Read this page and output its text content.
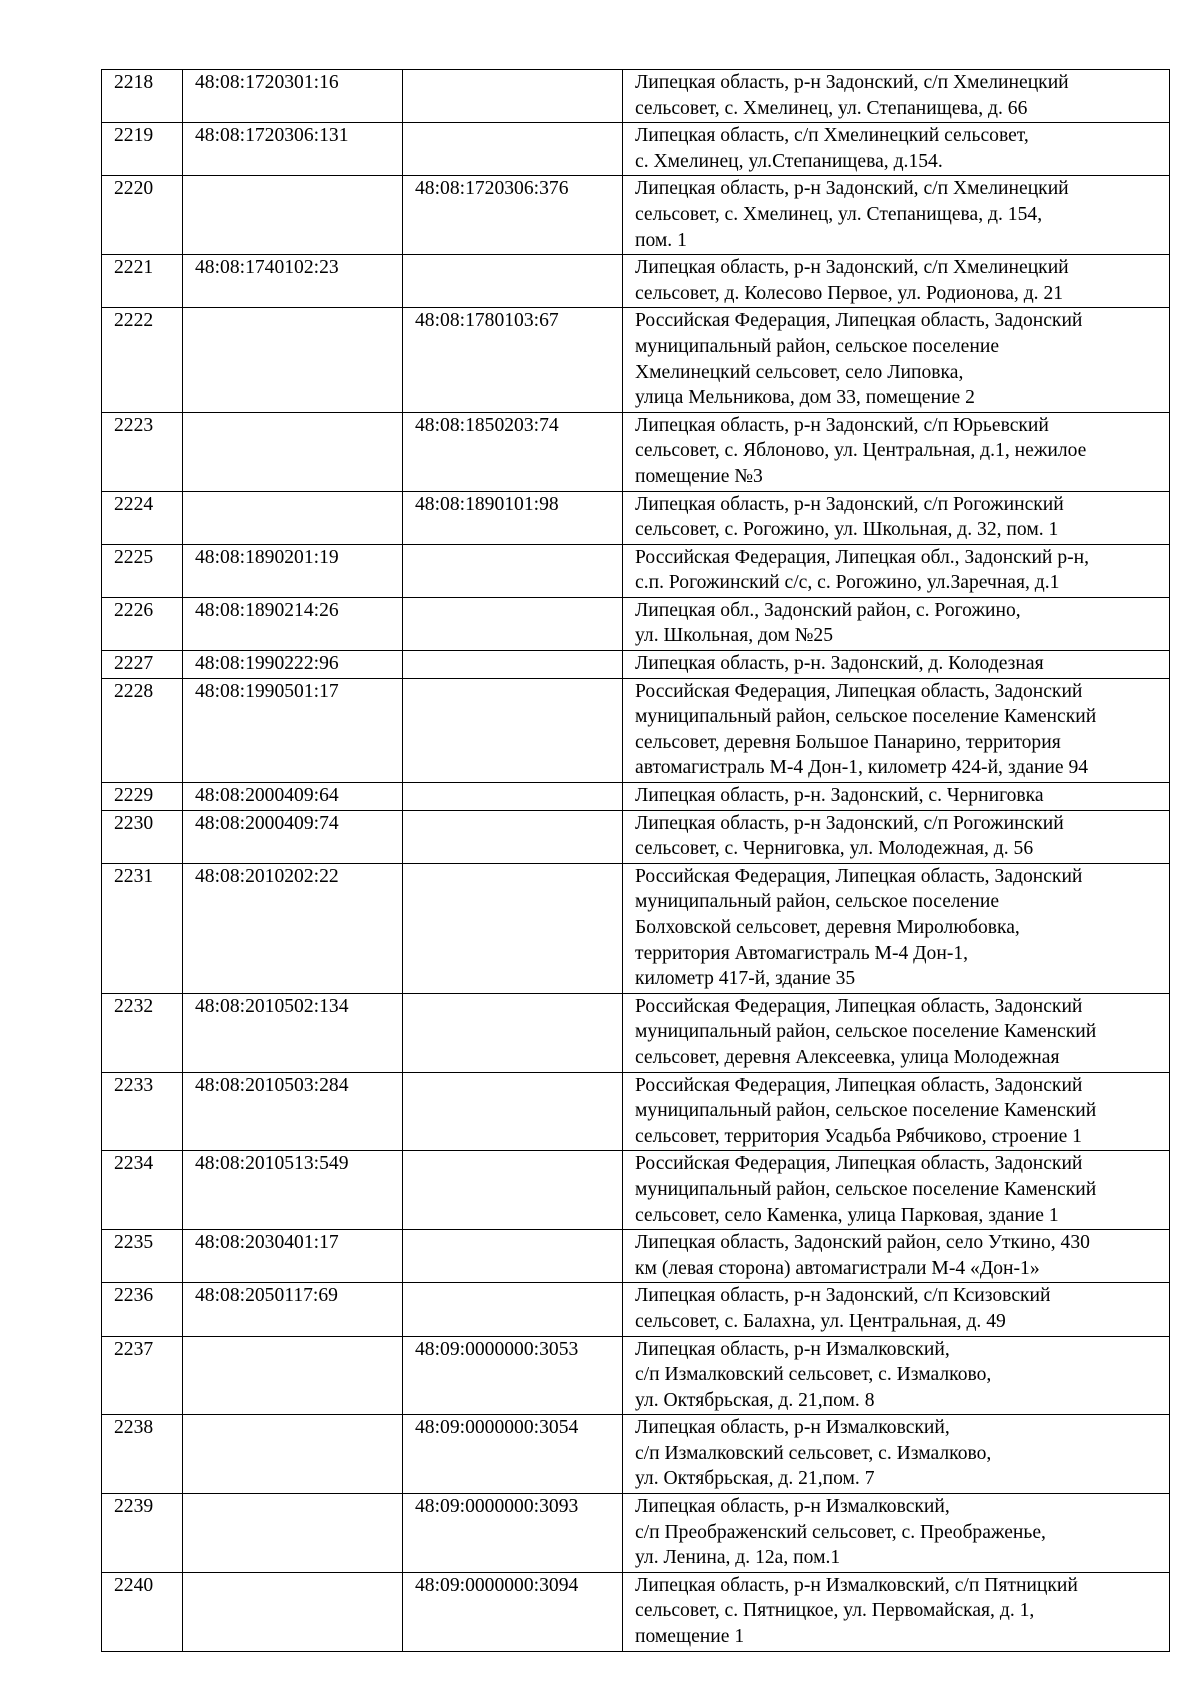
2218	48:08:1720301:16		Липецкая область, р-н Задонский, с/п Хмелинецкий
сельсовет, с. Хмелинец, ул. Степанищева, д. 66

2219	48:08:1720306:131		Липецкая область, с/п Хмелинецкий сельсовет,
с. Хмелинец, ул.Степанищева, д.154.

2220		48:08:1720306:376	Липецкая область, р-н Задонский, с/п Хмелинецкий
сельсовет, с. Хмелинец, ул. Степанищева, д. 154,
пом. 1

2221	48:08:1740102:23		Липецкая область, р-н Задонский, с/п Хмелинецкий
сельсовет, д. Колесово Первое, ул. Родионова, д. 21

2222		48:08:1780103:67	Российская Федерация, Липецкая область, Задонский
муниципальный район, сельское поселение
Хмелинецкий сельсовет, село Липовка,
улица Мельникова, дом 33, помещение 2

2223		48:08:1850203:74	Липецкая область, р-н Задонский, с/п Юрьевский
сельсовет, с. Яблоново, ул. Центральная, д.1, нежилое
помещение №3

2224		48:08:1890101:98	Липецкая область, р-н Задонский, с/п Рогожинский
сельсовет, с. Рогожино, ул. Школьная, д. 32, пом. 1

2225	48:08:1890201:19		Российская Федерация, Липецкая обл., Задонский р-н,
с.п. Рогожинский с/с, с. Рогожино, ул.Заречная, д.1

2226	48:08:1890214:26		Липецкая обл., Задонский район, с. Рогожино,
ул. Школьная, дом №25

2227	48:08:1990222:96		Липецкая область, р-н. Задонский, д. Колодезная

2228	48:08:1990501:17		Российская Федерация, Липецкая область, Задонский
муниципальный район, сельское поселение Каменский
сельсовет, деревня Большое Панарино, территория
автомагистраль М-4 Дон-1, километр 424-й, здание 94

2229	48:08:2000409:64		Липецкая область, р-н. Задонский, с. Черниговка

2230	48:08:2000409:74		Липецкая область, р-н Задонский, с/п Рогожинский
сельсовет, с. Черниговка, ул. Молодежная, д. 56

2231	48:08:2010202:22		Российская Федерация, Липецкая область, Задонский
муниципальный район, сельское поселение
Болховской сельсовет, деревня Миролюбовка,
территория Автомагистраль М-4 Дон-1,
километр 417-й, здание 35

2232	48:08:2010502:134		Российская Федерация, Липецкая область, Задонский
муниципальный район, сельское поселение Каменский
сельсовет, деревня Алексеевка, улица Молодежная

2233	48:08:2010503:284		Российская Федерация, Липецкая область, Задонский
муниципальный район, сельское поселение Каменский
сельсовет, территория Усадьба Рябчиково, строение 1

2234	48:08:2010513:549		Российская Федерация, Липецкая область, Задонский
муниципальный район, сельское поселение Каменский
сельсовет, село Каменка, улица Парковая, здание 1

2235	48:08:2030401:17		Липецкая область, Задонский район, село Уткино, 430
км (левая сторона) автомагистрали М-4 «Дон-1»

2236	48:08:2050117:69		Липецкая область, р-н Задонский, с/п Ксизовский
сельсовет, с. Балахна, ул. Центральная, д. 49

2237		48:09:0000000:3053	Липецкая область, р-н Измалковский,
с/п Измалковский сельсовет, с. Измалково,
ул. Октябрьская, д. 21,пом. 8

2238		48:09:0000000:3054	Липецкая область, р-н Измалковский,
с/п Измалковский сельсовет, с. Измалково,
ул. Октябрьская, д. 21,пом. 7

2239		48:09:0000000:3093	Липецкая область, р-н Измалковский,
с/п Преображенский сельсовет, с. Преображенье,
ул. Ленина, д. 12а, пом.1

2240		48:09:0000000:3094	Липецкая область, р-н Измалковский, с/п Пятницкий
сельсовет, с. Пятницкое, ул. Первомайская, д. 1,
помещение 1
